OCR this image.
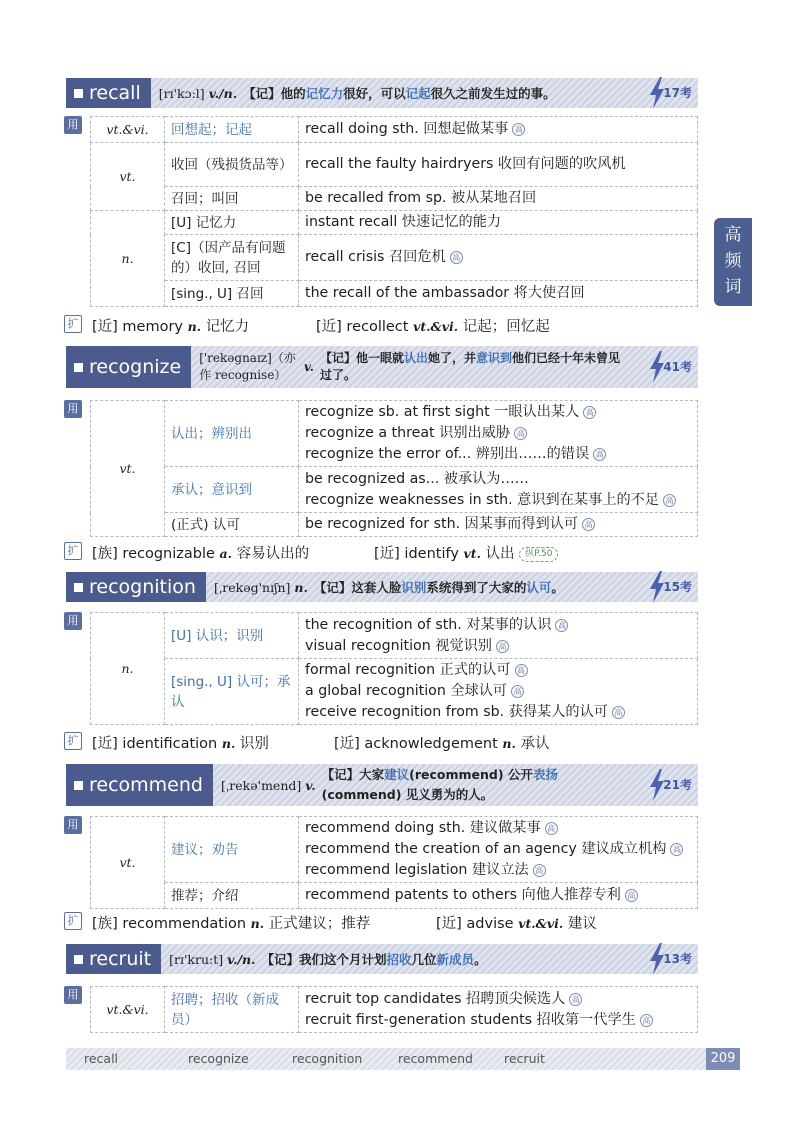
高
频
词
recall [rɪ'kɔ:l] v./n. 【记】他的记忆力很好，可以记起很久之前发生过的事。	17考
用 vt.&vi.	回想起；记起	recall doing sth. 回想起做某事 高
vt.	收回（残损货品等）	recall the faulty hairdryers 收回有问题的吹风机
	召回；叫回	be recalled from sp. 被从某地召回
n.	[U] 记忆力	instant recall 快速记忆的能力
	[C]（因产品有问题的）收回, 召回	recall crisis 召回危机 高
	[sing., U] 召回	the recall of the ambassador 将大使召回
扩 [近] memory n. 记忆力	[近] recollect vt.&vi. 记起；回忆起
recognize ['rekəgnaɪz]（亦作 recognise）
v.
【记】他一眼就认出她了，并意识到他们已经十年未曾见过了。
41考
用
vt.	认出；辨别出	recognize sb. at first sight 一眼认出某人 高
recognize a threat 识别出威胁 高
recognize the error of... 辨别出……的错误 高

	承认；意识到	be recognized as... 被承认为……
recognize weaknesses in sth. 意识到在某事上的不足 高

	(正式) 认可	be recognized for sth. 因某事而得到认可 高
扩 [族] recognizable a. 容易认出的	[近] identify vt. 认出 纵P.50
recognition [ˌrekəg'nɪʃn] n. 【记】这套人脸识别系统得到了大家的认可。	15考
用
n.	[U] 认识；识别	the recognition of sth. 对某事的认识 高
visual recognition 视觉识别 高

	[sing., U] 认可；承认	formal recognition 正式的认可 高
a global recognition 全球认可 高
receive recognition from sb. 获得某人的认可 高
扩 [近] identification n. 识别	[近] acknowledgement n. 承认
recommend [ˌrekə'mend] v.
【记】大家建议(recommend) 公开表扬(commend) 见义勇为的人。
21考
用
vt.	建议；劝告	recommend doing sth. 建议做某事 高
recommend the creation of an agency 建议成立机构 高
recommend legislation 建议立法 高

	推荐；介绍	recommend patents to others 向他人推荐专利 高
扩 [族] recommendation n. 正式建议；推荐	[近] advise vt.&vi. 建议
recruit [rɪ'kru:t] v./n. 【记】我们这个月计划招收几位新成员。	13考
用
vt.&vi.	招聘；招收（新成员）	
recruit top candidates 招聘顶尖候选人 高
recruit first-generation students 招收第一代学生 高
recall	recognize	recognition	recommend recruit	209
